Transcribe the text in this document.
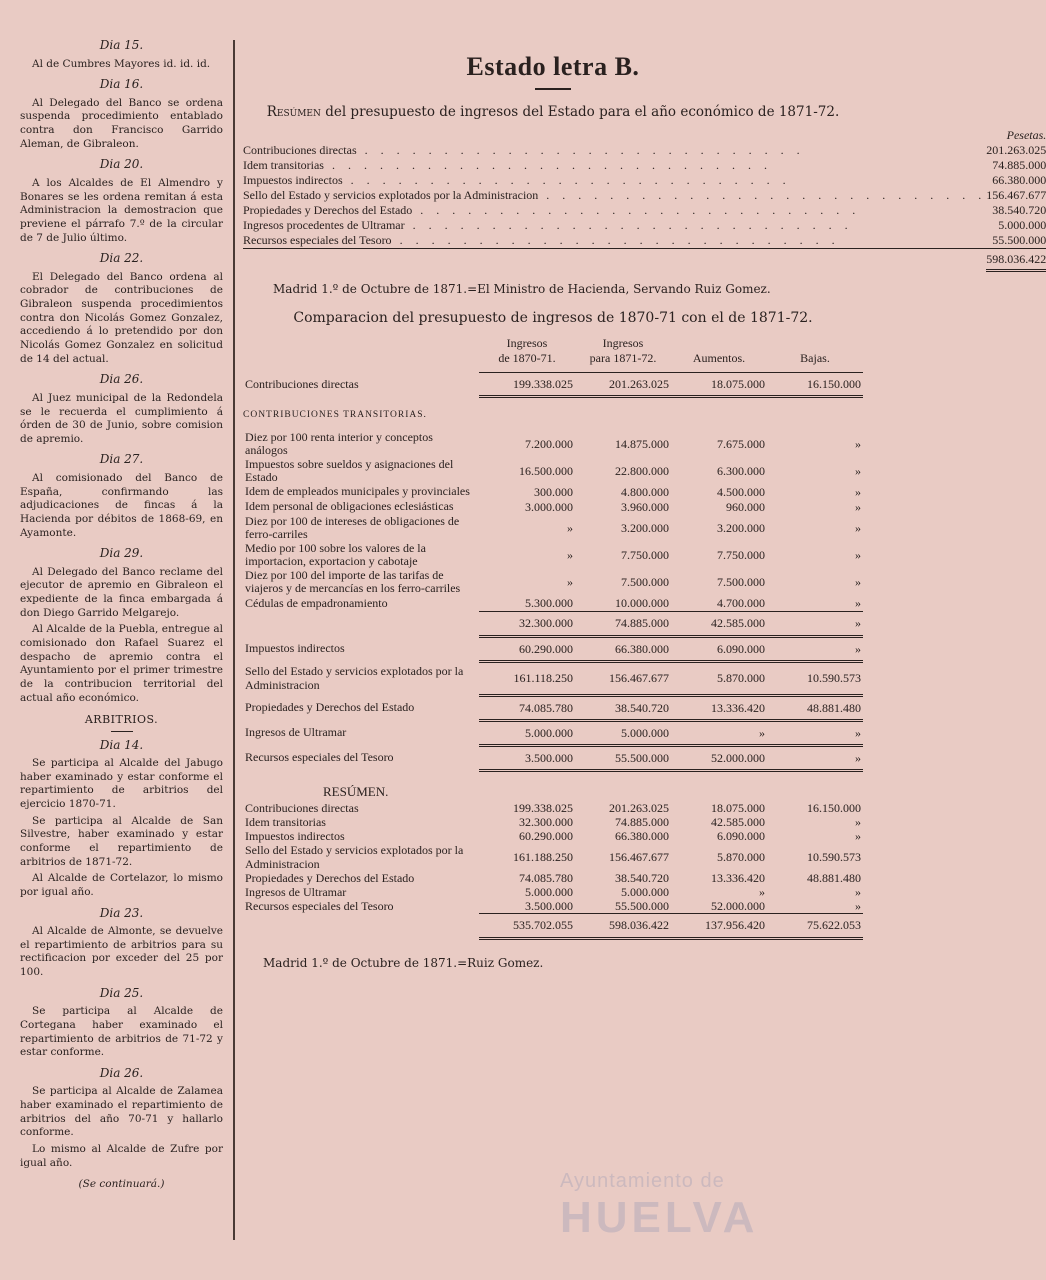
Dia 15.

Al de Cumbres Mayores id. id. id.

Dia 16.

Al Delegado del Banco se ordena suspenda procedimiento entablado contra don Francisco Garrido Aleman, de Gibraleon.

Dia 20.

A los Alcaldes de El Almendro y Bonares se les ordena remitan á esta Administracion la demostracion que previene el párrafo 7.º de la circular de 7 de Julio último.

Dia 22.

El Delegado del Banco ordena al cobrador de contribuciones de Gibraleon suspenda procedimientos contra don Nicolás Gomez Gonzalez, accediendo á lo pretendido por don Nicolás Gomez Gonzalez en solicitud de 14 del actual.

Dia 26.

Al Juez municipal de la Redondela se le recuerda el cumplimiento á órden de 30 de Junio, sobre comision de apremio.

Dia 27.

Al comisionado del Banco de España, confirmando las adjudicaciones de fincas á la Hacienda por débitos de 1868-69, en Ayamonte.

Dia 29.

Al Delegado del Banco reclame del ejecutor de apremio en Gibraleon el expediente de la finca embargada á don Diego Garrido Melgarejo.

Al Alcalde de la Puebla, entregue al comisionado don Rafael Suarez el despacho de apremio contra el Ayuntamiento por el primer trimestre de la contribucion territorial del actual año económico.

ARBITRIOS.
Dia 14.

Se participa al Alcalde del Jabugo haber examinado y estar conforme el repartimiento de arbitrios del ejercicio 1870-71.

Se participa al Alcalde de San Silvestre, haber examinado y estar conforme el repartimiento de arbitrios de 1871-72.

Al Alcalde de Cortelazor, lo mismo por igual año.

Dia 23.

Al Alcalde de Almonte, se devuelve el repartimiento de arbitrios para su rectificacion por exceder del 25 por 100.

Dia 25.

Se participa al Alcalde de Cortegana haber examinado el repartimiento de arbitrios de 71-72 y estar conforme.

Dia 26.

Se participa al Alcalde de Zalamea haber examinado el repartimiento de arbitrios del año 70-71 y hallarlo conforme.

Lo mismo al Alcalde de Zufre por igual año.

(Se continuará.)
Estado letra B.
Resúmen del presupuesto de ingresos del Estado para el año económico de 1871-72.
	Pesetas.
Contribuciones directas . . . . . . . . . . . . . . . . . . . . . . . . . . . .	201.263.025
Idem transitorias . . . . . . . . . . . . . . . . . . . . . . . . . . . .	74.885.000
Impuestos indirectos . . . . . . . . . . . . . . . . . . . . . . . . . . . .	66.380.000
Sello del Estado y servicios explotados por la Administracion . . . . . . . . . . . . . . . . . . . . . . . . . . . .	156.467.677
Propiedades y Derechos del Estado . . . . . . . . . . . . . . . . . . . . . . . . . . . .	38.540.720
Ingresos procedentes de Ultramar . . . . . . . . . . . . . . . . . . . . . . . . . . . .	5.000.000
Recursos especiales del Tesoro . . . . . . . . . . . . . . . . . . . . . . . . . . . .	55.500.000
	598.036.422
Madrid 1.º de Octubre de 1871.=El Ministro de Hacienda, Servando Ruiz Gomez.
Comparacion del presupuesto de ingresos de 1870-71 con el de 1871-72.
	Ingresos
de 1870-71.	Ingresos
para 1871-72.	Aumentos.	Bajas.
Contribuciones directas	199.338.025	201.263.025	18.075.000	16.150.000
CONTRIBUCIONES TRANSITORIAS.				
Diez por 100 renta interior y conceptos análogos	7.200.000	14.875.000	7.675.000	»
Impuestos sobre sueldos y asignaciones del Estado	16.500.000	22.800.000	6.300.000	»
Idem de empleados municipales y provinciales	300.000	4.800.000	4.500.000	»
Idem personal de obligaciones eclesiásticas	3.000.000	3.960.000	960.000	»
Diez por 100 de intereses de obligaciones de ferro-carriles	»	3.200.000	3.200.000	»
Medio por 100 sobre los valores de la importacion, exportacion y cabotaje	»	7.750.000	7.750.000	»
Diez por 100 del importe de las tarifas de viajeros y de mercancías en los ferro-carriles	»	7.500.000	7.500.000	»
Cédulas de empadronamiento	5.300.000	10.000.000	4.700.000	»
	32.300.000	74.885.000	42.585.000	»
Impuestos indirectos	60.290.000	66.380.000	6.090.000	»
Sello del Estado y servicios explotados por la Administracion	161.118.250	156.467.677	5.870.000	10.590.573
Propiedades y Derechos del Estado	74.085.780	38.540.720	13.336.420	48.881.480
Ingresos de Ultramar	5.000.000	5.000.000	»	»
Recursos especiales del Tesoro	3.500.000	55.500.000	52.000.000	»
RESÚMEN.				
Contribuciones directas	199.338.025	201.263.025	18.075.000	16.150.000
Idem transitorias	32.300.000	74.885.000	42.585.000	»
Impuestos indirectos	60.290.000	66.380.000	6.090.000	»
Sello del Estado y servicios explotados por la Administracion	161.188.250	156.467.677	5.870.000	10.590.573
Propiedades y Derechos del Estado	74.085.780	38.540.720	13.336.420	48.881.480
Ingresos de Ultramar	5.000.000	5.000.000	»	»
Recursos especiales del Tesoro	3.500.000	55.500.000	52.000.000	»
	535.702.055	598.036.422	137.956.420	75.622.053
Madrid 1.º de Octubre de 1871.=Ruiz Gomez.
Ayuntamiento de
HUELVA
